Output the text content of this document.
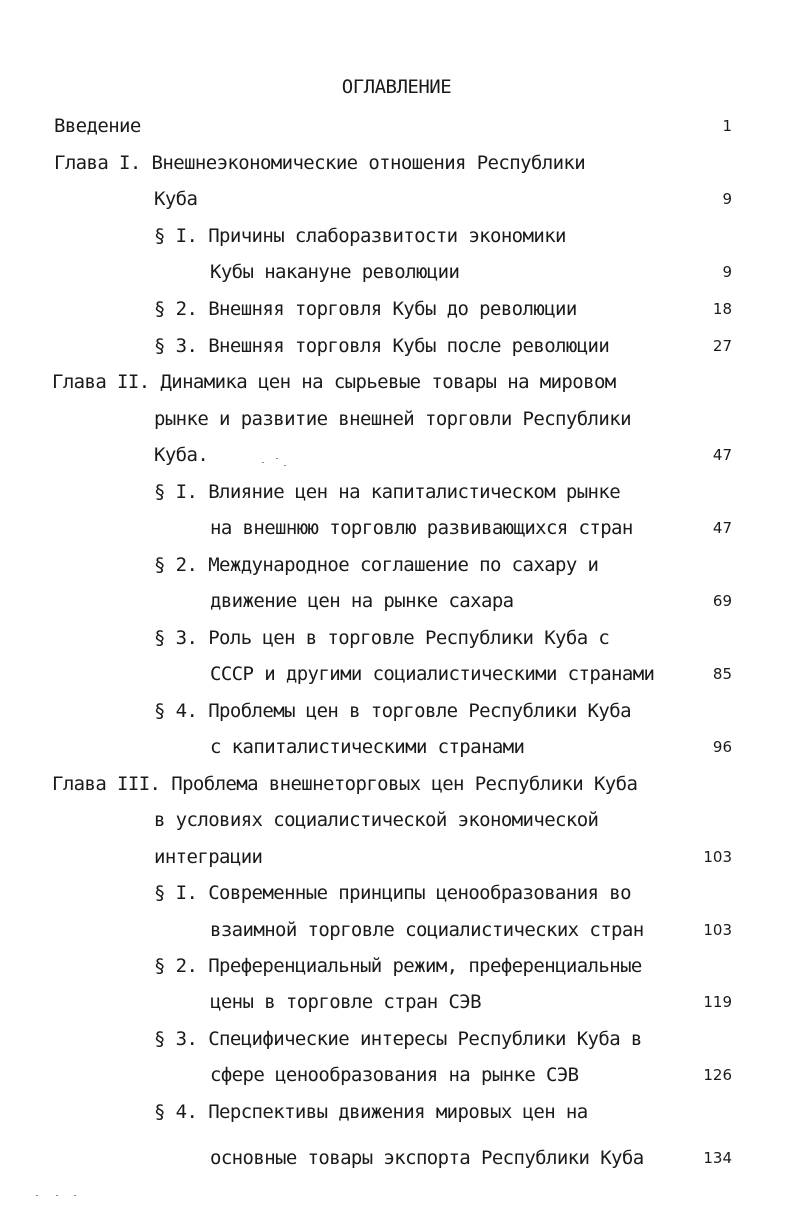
ОГЛАВЛЕНИЕ
Введение	1
Глава I. Внешнеэкономические отношения Республики
Куба	9
§ I. Причины слаборазвитости экономики
Кубы накануне революции	9
§ 2. Внешняя торговля Кубы до революции	18
§ 3. Внешняя торговля Кубы после революции	27
Глава II. Динамика цен на сырьевые товары на мировом
рынке и развитие внешней торговли Республики
Куба.	47
§ I. Влияние цен на капиталистическом рынке
на внешнюю торговлю развивающихся стран	47
§ 2. Международное соглашение по сахару и
движение цен на рынке сахара	69
§ 3. Роль цен в торговле Республики Куба с
СССР и другими социалистическими странами	85
§ 4. Проблемы цен в торговле Республики Куба
с капиталистическими странами	96
Глава III. Проблема внешнеторговых цен Республики Куба
в условиях социалистической экономической
интеграции	103
§ I. Современные принципы ценообразования во
взаимной торговле социалистических стран	103
§ 2. Преференциальный режим, преференциальные
цены в торговле стран СЭВ	119
§ 3. Специфические интересы Республики Куба в
сфере ценообразования на рынке СЭВ	126
§ 4. Перспективы движения мировых цен на
основные товары экспорта Республики Куба	134
